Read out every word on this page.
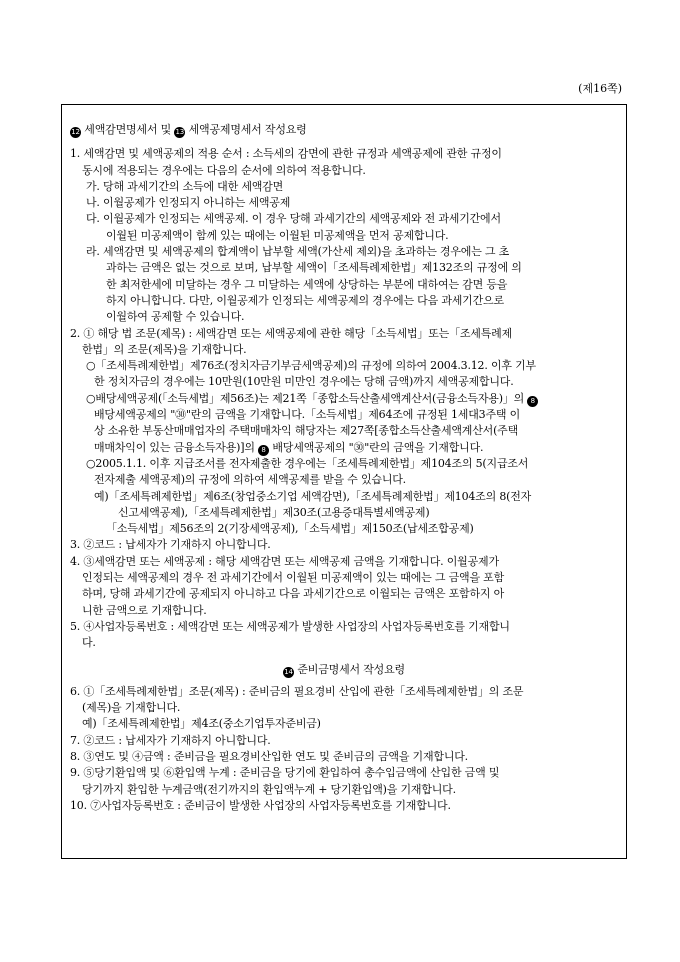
(제16쪽)
12 세액감면명세서 및 13 세액공제명세서 작성요령
1. 세액감면 및 세액공제의 적용 순서 : 소득세의 감면에 관한 규정과 세액공제에 관한 규정이
동시에 적용되는 경우에는 다음의 순서에 의하여 적용합니다.
가. 당해 과세기간의 소득에 대한 세액감면
나. 이월공제가 인정되지 아니하는 세액공제
다. 이월공제가 인정되는 세액공제. 이 경우 당해 과세기간의 세액공제와 전 과세기간에서
이월된 미공제액이 함께 있는 때에는 이월된 미공제액을 먼저 공제합니다.
라. 세액감면 및 세액공제의 합계액이 납부할 세액(가산세 제외)을 초과하는 경우에는 그 초
과하는 금액은 없는 것으로 보며, 납부할 세액이「조세특례제한법」제132조의 규정에 의
한 최저한세에 미달하는 경우 그 미달하는 세액에 상당하는 부분에 대하여는 감면 등을
하지 아니합니다. 다만, 이월공제가 인정되는 세액공제의 경우에는 다음 과세기간으로
이월하여 공제할 수 있습니다.
2. ① 해당 법 조문(제목) : 세액감면 또는 세액공제에 관한 해당「소득세법」또는「조세특례제
한법」의 조문(제목)을 기재합니다.
○「조세특례제한법」제76조(정치자금기부금세액공제)의 규정에 의하여 2004.3.12. 이후 기부
한 정치자금의 경우에는 10만원(10만원 미만인 경우에는 당해 금액)까지 세액공제합니다.
○배당세액공제(「소득세법」제56조)는 제21쪽「종합소득산출세액계산서(금융소득자용)」의 8
배당세액공제의 "㉚"란의 금액을 기재합니다.「소득세법」제64조에 규정된 1세대3주택 이
상 소유한 부동산매매업자의 주택매매차익 해당자는 제27쪽[종합소득산출세액계산서(주택
매매차익이 있는 금융소득자용)]의 8 배당세액공제의 "㉚"란의 금액을 기재합니다.
○2005.1.1. 이후 지급조서를 전자제출한 경우에는「조세특례제한법」제104조의 5(지급조서
전자제출 세액공제)의 규정에 의하여 세액공제를 받을 수 있습니다.
예)「조세특례제한법」제6조(창업중소기업 세액감면),「조세특례제한법」제104조의 8(전자
신고세액공제),「조세특례제한법」제30조(고용증대특별세액공제)
「소득세법」제56조의 2(기장세액공제),「소득세법」제150조(납세조합공제)
3. ②코드 : 납세자가 기재하지 아니합니다.
4. ③세액감면 또는 세액공제 : 해당 세액감면 또는 세액공제 금액을 기재합니다. 이월공제가
인정되는 세액공제의 경우 전 과세기간에서 이월된 미공제액이 있는 때에는 그 금액을 포함
하며, 당해 과세기간에 공제되지 아니하고 다음 과세기간으로 이월되는 금액은 포함하지 아
니한 금액으로 기재합니다.
5. ④사업자등록번호 : 세액감면 또는 세액공제가 발생한 사업장의 사업자등록번호를 기재합니
다.
14 준비금명세서 작성요령
6. ①「조세특례제한법」조문(제목) : 준비금의 필요경비 산입에 관한「조세특례제한법」의 조문
(제목)을 기재합니다.
예)「조세특례제한법」제4조(중소기업투자준비금)
7. ②코드 : 납세자가 기재하지 아니합니다.
8. ③연도 및 ④금액 : 준비금을 필요경비산입한 연도 및 준비금의 금액을 기재합니다.
9. ⑤당기환입액 및 ⑥환입액 누계 : 준비금을 당기에 환입하여 총수입금액에 산입한 금액 및
당기까지 환입한 누계금액(전기까지의 환입액누계 + 당기환입액)을 기재합니다.
10. ⑦사업자등록번호 : 준비금이 발생한 사업장의 사업자등록번호를 기재합니다.
